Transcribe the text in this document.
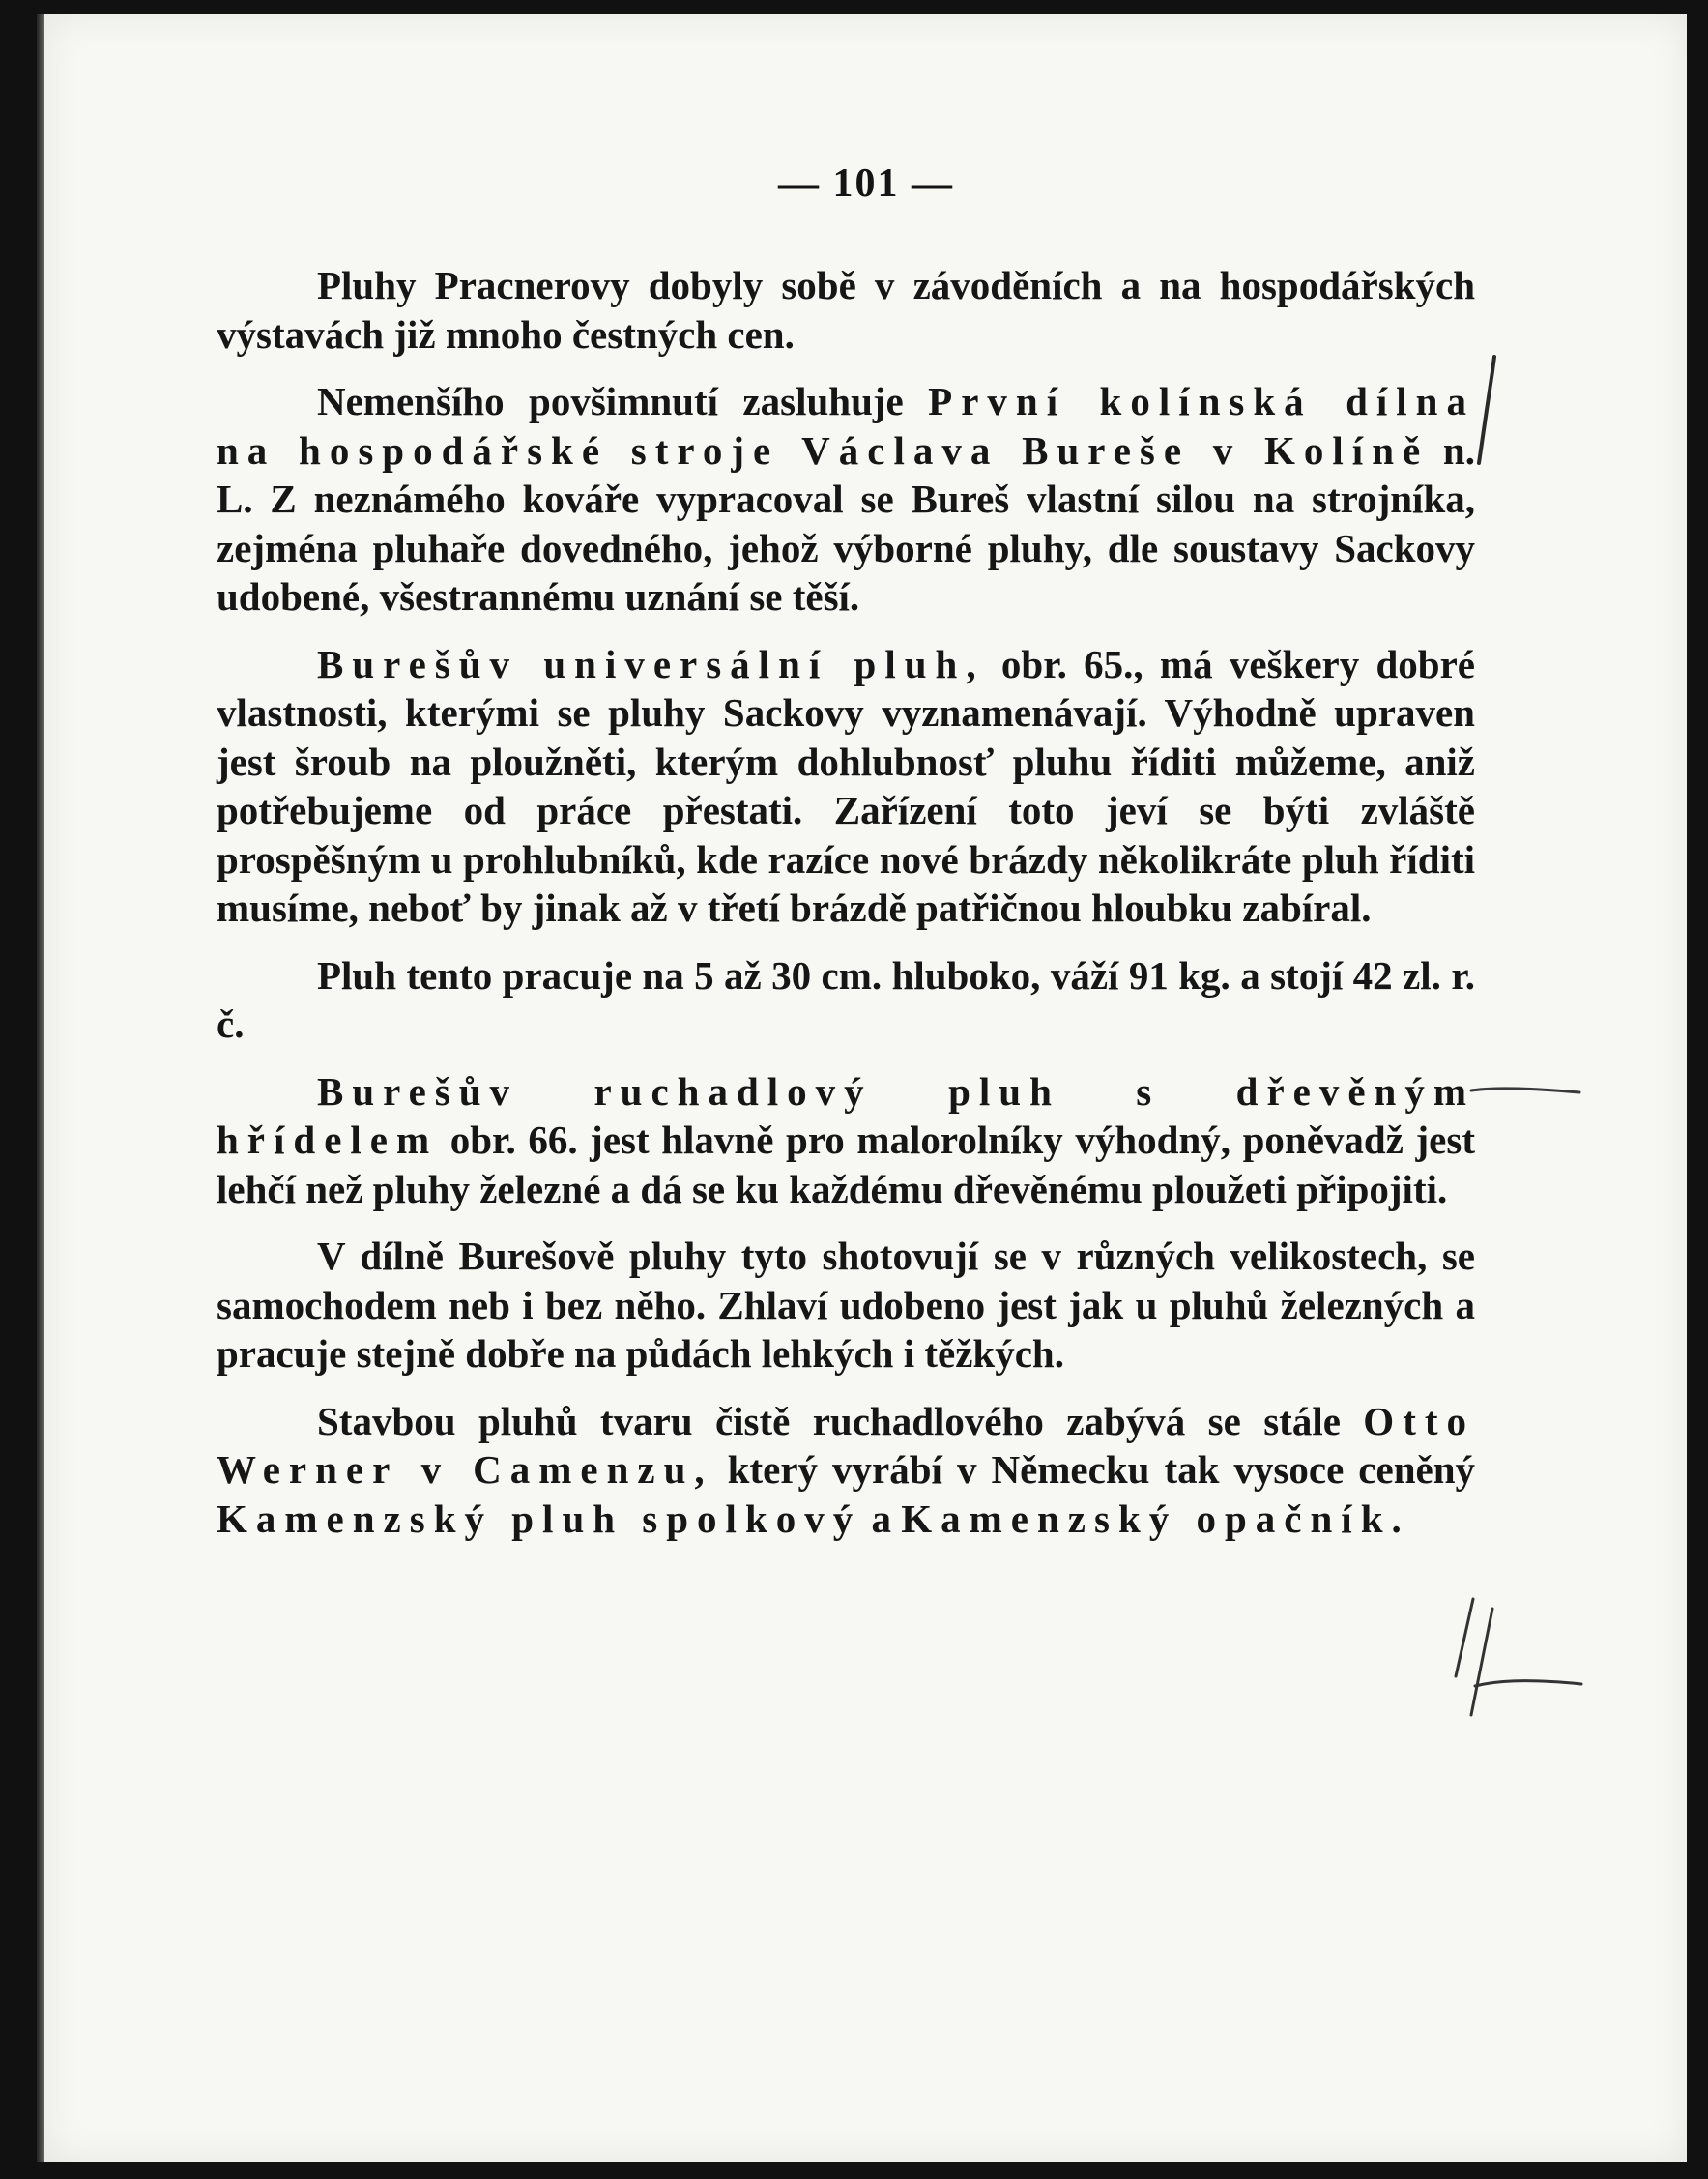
— 101 —

Pluhy Pracnerovy dobyly sobě v závoděních a na hospodářských výstavách již mnoho čestných cen.

Nemenšího povšimnutí zasluhuje První kolínská dílna na hospodářské stroje Václava Bureše v Kolíně n. L. Z neznámého kováře vypracoval se Bureš vlastní silou na strojníka, zejména pluhaře dovedného, jehož výborné pluhy, dle soustavy Sackovy udobené, všestrannému uznání se těší.

Burešův universální pluh, obr. 65., má veškery dobré vlastnosti, kterými se pluhy Sackovy vyznamenávají. Výhodně upraven jest šroub na ploužněti, kterým dohlubnosť pluhu říditi můžeme, aniž potřebujeme od práce přestati. Zařízení toto jeví se býti zvláště prospěšným u prohlubníků, kde razíce nové brázdy několikráte pluh říditi musíme, neboť by jinak až v třetí brázdě patřičnou hloubku zabíral.

Pluh tento pracuje na 5 až 30 cm. hluboko, váží 91 kg. a stojí 42 zl. r. č.

Burešův ruchadlový pluh s dřevěným hřídelem obr. 66. jest hlavně pro malorolníky výhodný, poněvadž jest lehčí než pluhy železné a dá se ku každému dřevěnému ploužeti připojiti.

V dílně Burešově pluhy tyto shotovují se v různých velikostech, se samochodem neb i bez něho. Zhlaví udobeno jest jak u pluhů železných a pracuje stejně dobře na půdách lehkých i těžkých.

Stavbou pluhů tvaru čistě ruchadlového zabývá se stále Otto Werner v Camenzu, který vyrábí v Německu tak vysoce ceněný Kamenzský pluh spolkový a Kamenzský opačník.
